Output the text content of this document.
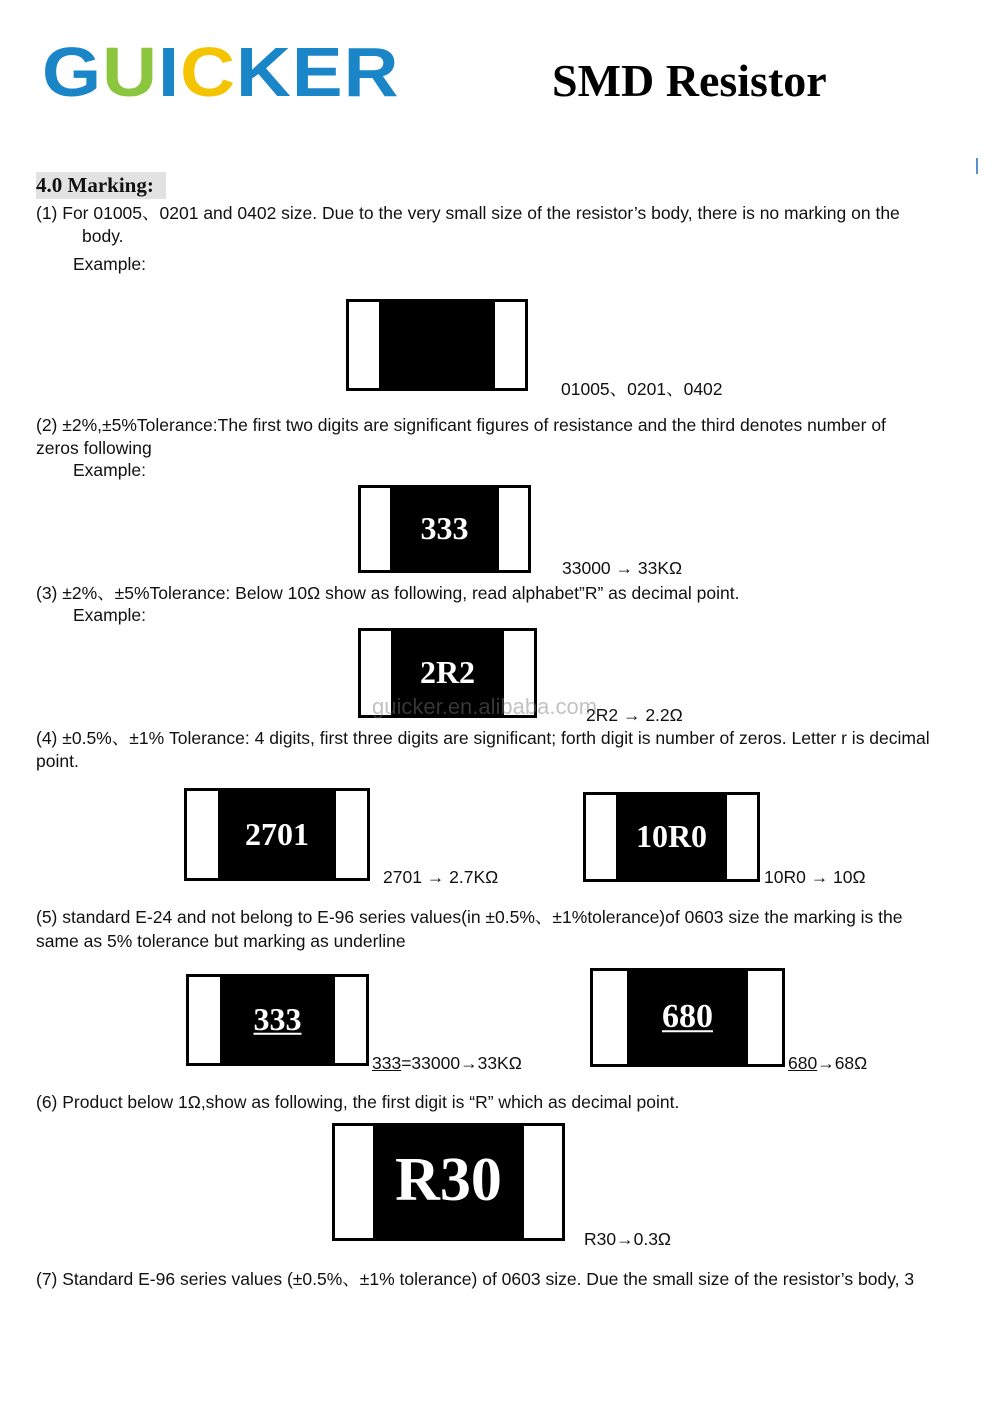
GUICKER	SMD Resistor
4.0 Marking:
(1) For 01005、0201 and 0402 size. Due to the very small size of the resistor’s body, there is no marking on the
body.
Example:
01005、0201、0402
(2) ±2%,±5%Tolerance:The first two digits are significant figures of resistance and the third denotes number of
zeros following
Example:
333
33000 → 33KΩ
(3) ±2%、±5%Tolerance: Below 10Ω show as following, read alphabet”R” as decimal point.
Example:
2R2
2R2 → 2.2Ω
guicker.en.alibaba.com
(4) ±0.5%、±1% Tolerance: 4 digits, first three digits are significant; forth digit is number of zeros. Letter r is decimal
point.
2701
2701 → 2.7KΩ
10R0
10R0 → 10Ω
(5) standard E-24 and not belong to E-96 series values(in ±0.5%、±1%tolerance)of 0603 size the marking is the
same as 5% tolerance but marking as underline
333
333=33000→33KΩ
680
680→68Ω
(6) Product below 1Ω,show as following, the first digit is “R” which as decimal point.
R30
R30→0.3Ω
(7) Standard E-96 series values (±0.5%、±1% tolerance) of 0603 size. Due the small size of the resistor’s body, 3
